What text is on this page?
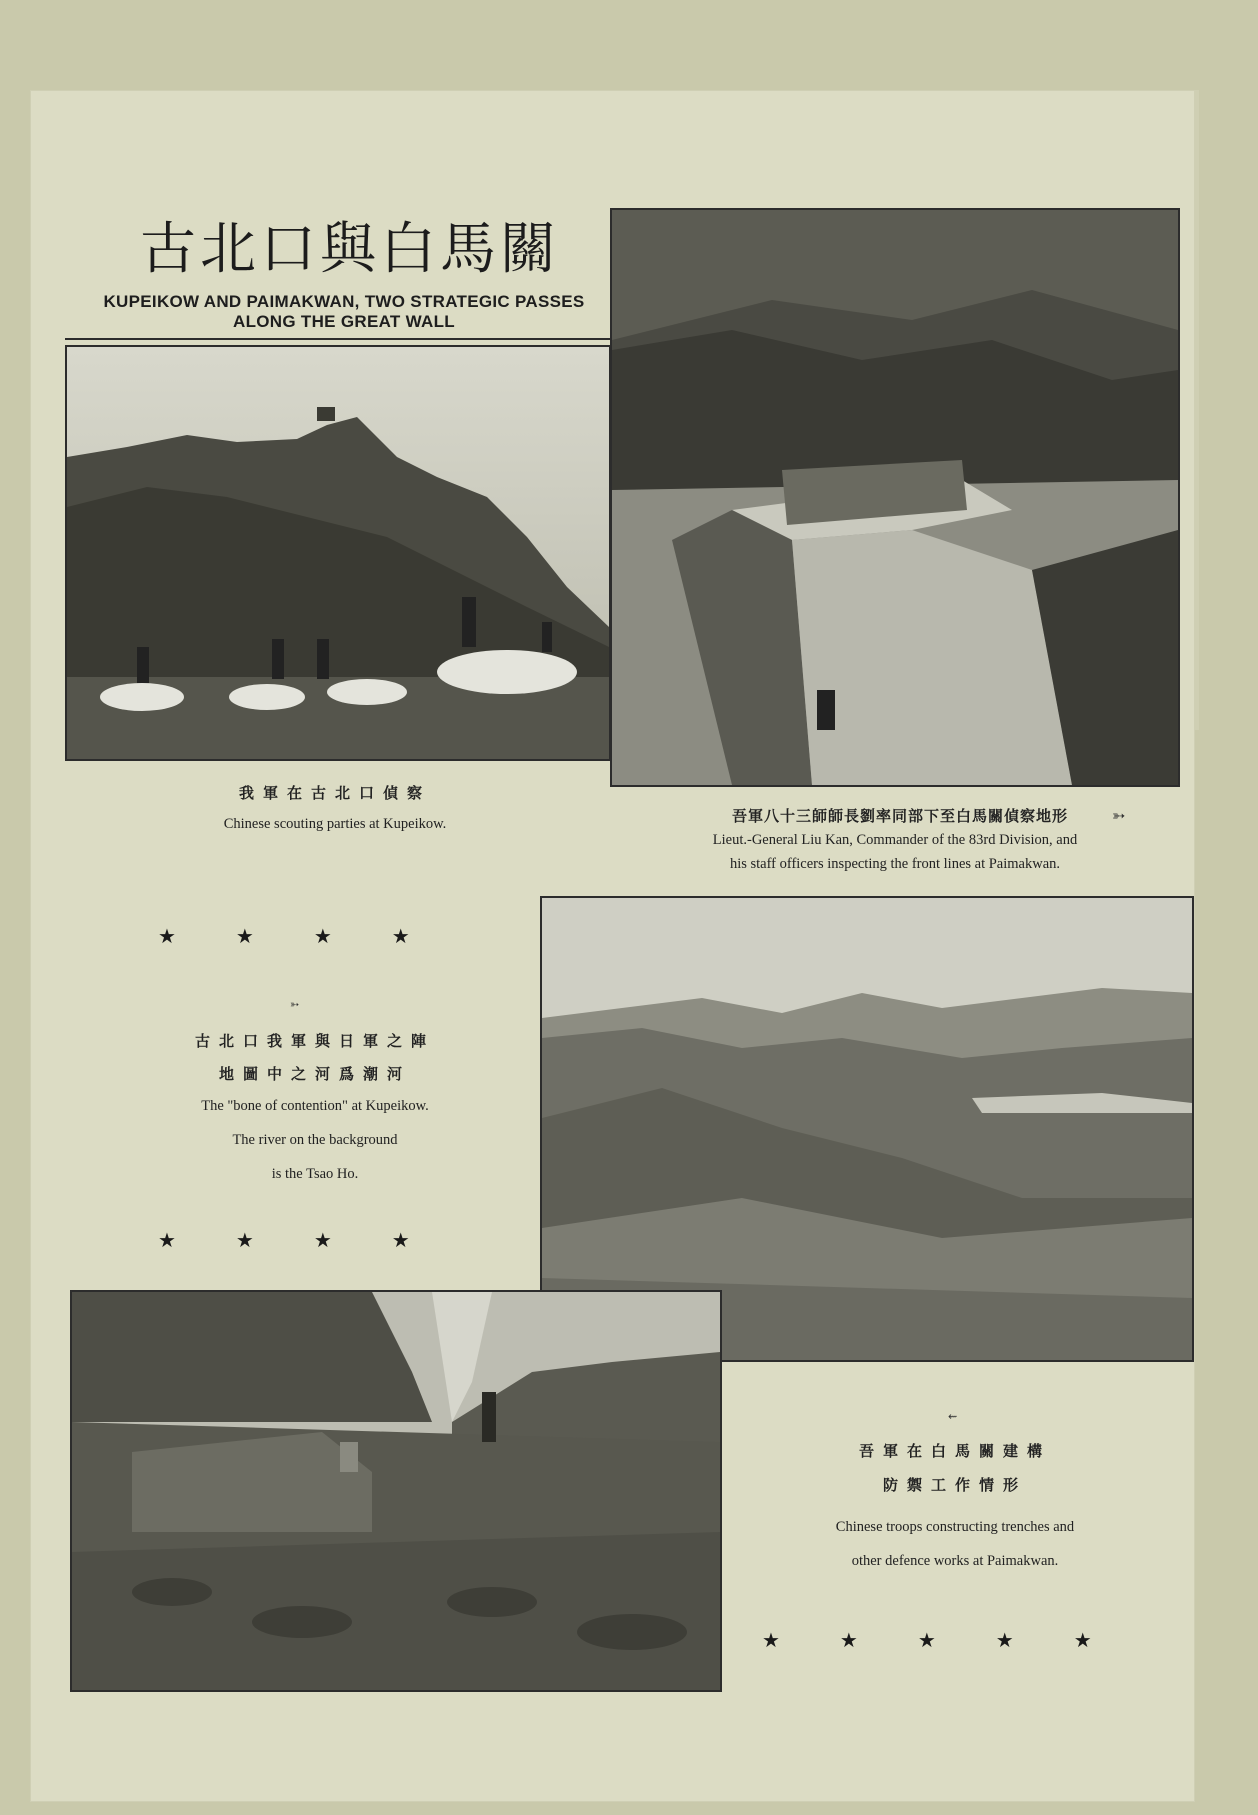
古北口與白馬關
KUPEIKOW AND PAIMAKWAN, TWO STRATEGIC PASSES
ALONG THE GREAT WALL
我軍在古北口偵察
Chinese scouting parties at Kupeikow.	吾軍八十三師師長劉率同部下至白馬關偵察地形	➳
Lieut.-General Liu Kan, Commander of the 83rd Division, and
his staff officers inspecting the front lines at Paimakwan.
★　　　★　　　★　　　★
➳
古北口我軍與日軍之陣
地圖中之河爲潮河
The "bone of contention" at Kupeikow.
The river on the background
is the Tsao Ho.
★　　　★　　　★　　　★
⇜
吾軍在白馬關建構
防禦工作情形
Chinese troops constructing trenches and
other defence works at Paimakwan.
★　　　★　　　★　　　★　　　★
